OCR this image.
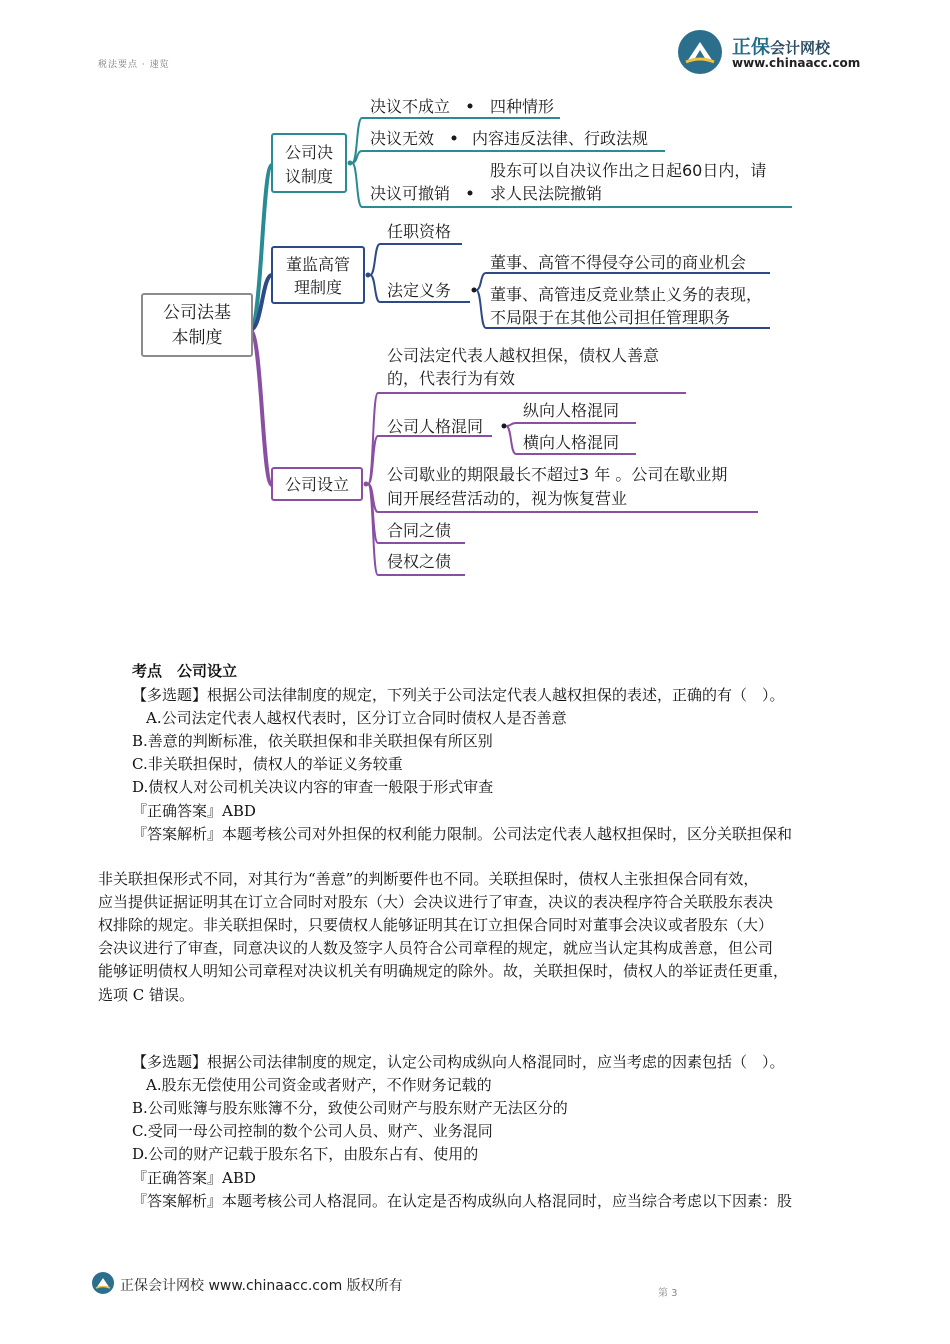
税法要点 · 速览
正保会计网校
www.chinaacc.com
公司法基
本制度
公司决
议制度
决议不成立 四种情形
决议无效 内容违反法律、行政法规
决议可撤销
股东可以自决议作出之日起60日内，请
求人民法院撤销
董监高管
理制度
任职资格
法定义务
董事、高管不得侵夺公司的商业机会
董事、高管违反竞业禁止义务的表现，
不局限于在其他公司担任管理职务
公司设立
公司法定代表人越权担保，债权人善意
的，代表行为有效
公司人格混同
纵向人格混同
横向人格混同
公司歇业的期限最长不超过3 年 。公司在歇业期
间开展经营活动的，视为恢复营业
合同之债
侵权之债
考点　公司设立
【多选题】根据公司法律制度的规定，下列关于公司法定代表人越权担保的表述，正确的有（　）。
A.公司法定代表人越权代表时，区分订立合同时债权人是否善意
B.善意的判断标准，依关联担保和非关联担保有所区别
C.非关联担保时，债权人的举证义务较重
D.债权人对公司机关决议内容的审查一般限于形式审查
『正确答案』ABD
『答案解析』本题考核公司对外担保的权利能力限制。公司法定代表人越权担保时，区分关联担保和
非关联担保形式不同，对其行为“善意”的判断要件也不同。关联担保时，债权人主张担保合同有效，
应当提供证据证明其在订立合同时对股东（大）会决议进行了审查，决议的表决程序符合关联股东表决
权排除的规定。非关联担保时，只要债权人能够证明其在订立担保合同时对董事会决议或者股东（大）
会决议进行了审查，同意决议的人数及签字人员符合公司章程的规定，就应当认定其构成善意，但公司
能够证明债权人明知公司章程对决议机关有明确规定的除外。故，关联担保时，债权人的举证责任更重，
选项 C 错误。
【多选题】根据公司法律制度的规定，认定公司构成纵向人格混同时，应当考虑的因素包括（　）。
A.股东无偿使用公司资金或者财产，不作财务记载的
B.公司账簿与股东账簿不分，致使公司财产与股东财产无法区分的
C.受同一母公司控制的数个公司人员、财产、业务混同
D.公司的财产记载于股东名下，由股东占有、使用的
『正确答案』ABD
『答案解析』本题考核公司人格混同。在认定是否构成纵向人格混同时，应当综合考虑以下因素：股
正保会计网校 www.chinaacc.com 版权所有	第 3
